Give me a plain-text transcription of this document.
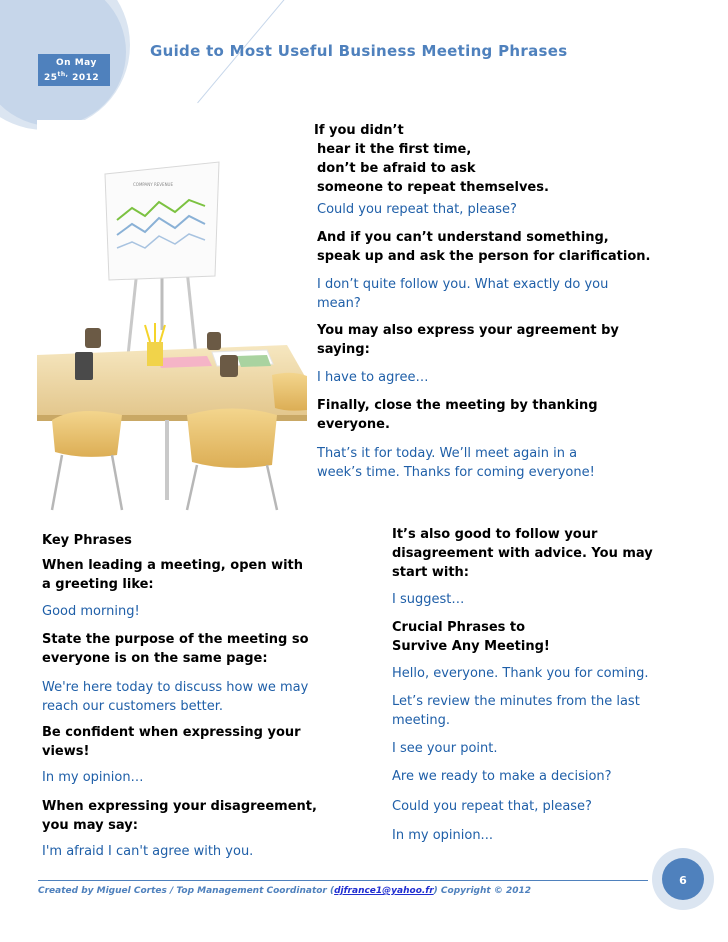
On May
$25^{th,}$ 2012
Guide to Most Useful Business Meeting Phrases
COMPANY REVENUE
If you didn’t
hear it the first time,
don’t be afraid to ask
someone to repeat themselves.
Could you repeat that, please?
And if you can’t understand something,
speak up and ask the person for clarification.
I don’t quite follow you. What exactly do you
mean?
You may also express your agreement by
saying:
I have to agree…
Finally, close the meeting by thanking
everyone.
That’s it for today. We’ll meet again in a
week’s time. Thanks for coming everyone!
Key Phrases
When leading a meeting, open with
a greeting like:
Good morning!
State the purpose of the meeting so
everyone is on the same page:
We're here today to discuss how we may
reach our customers better.
Be confident when expressing your
views!
In my opinion…
When expressing your disagreement,
you may say:
I'm afraid I can't agree with you.
It’s also good to follow your
disagreement with advice. You may
start with:
I suggest…
Crucial Phrases to
Survive Any Meeting!
Hello, everyone. Thank you for coming.
Let’s review the minutes from the last
meeting.
I see your point.
Are we ready to make a decision?
Could you repeat that, please?
In my opinion...
Created by Miguel Cortes / Top Management Coordinator (djfrance1@yahoo.fr) Copyright © 2012
6
